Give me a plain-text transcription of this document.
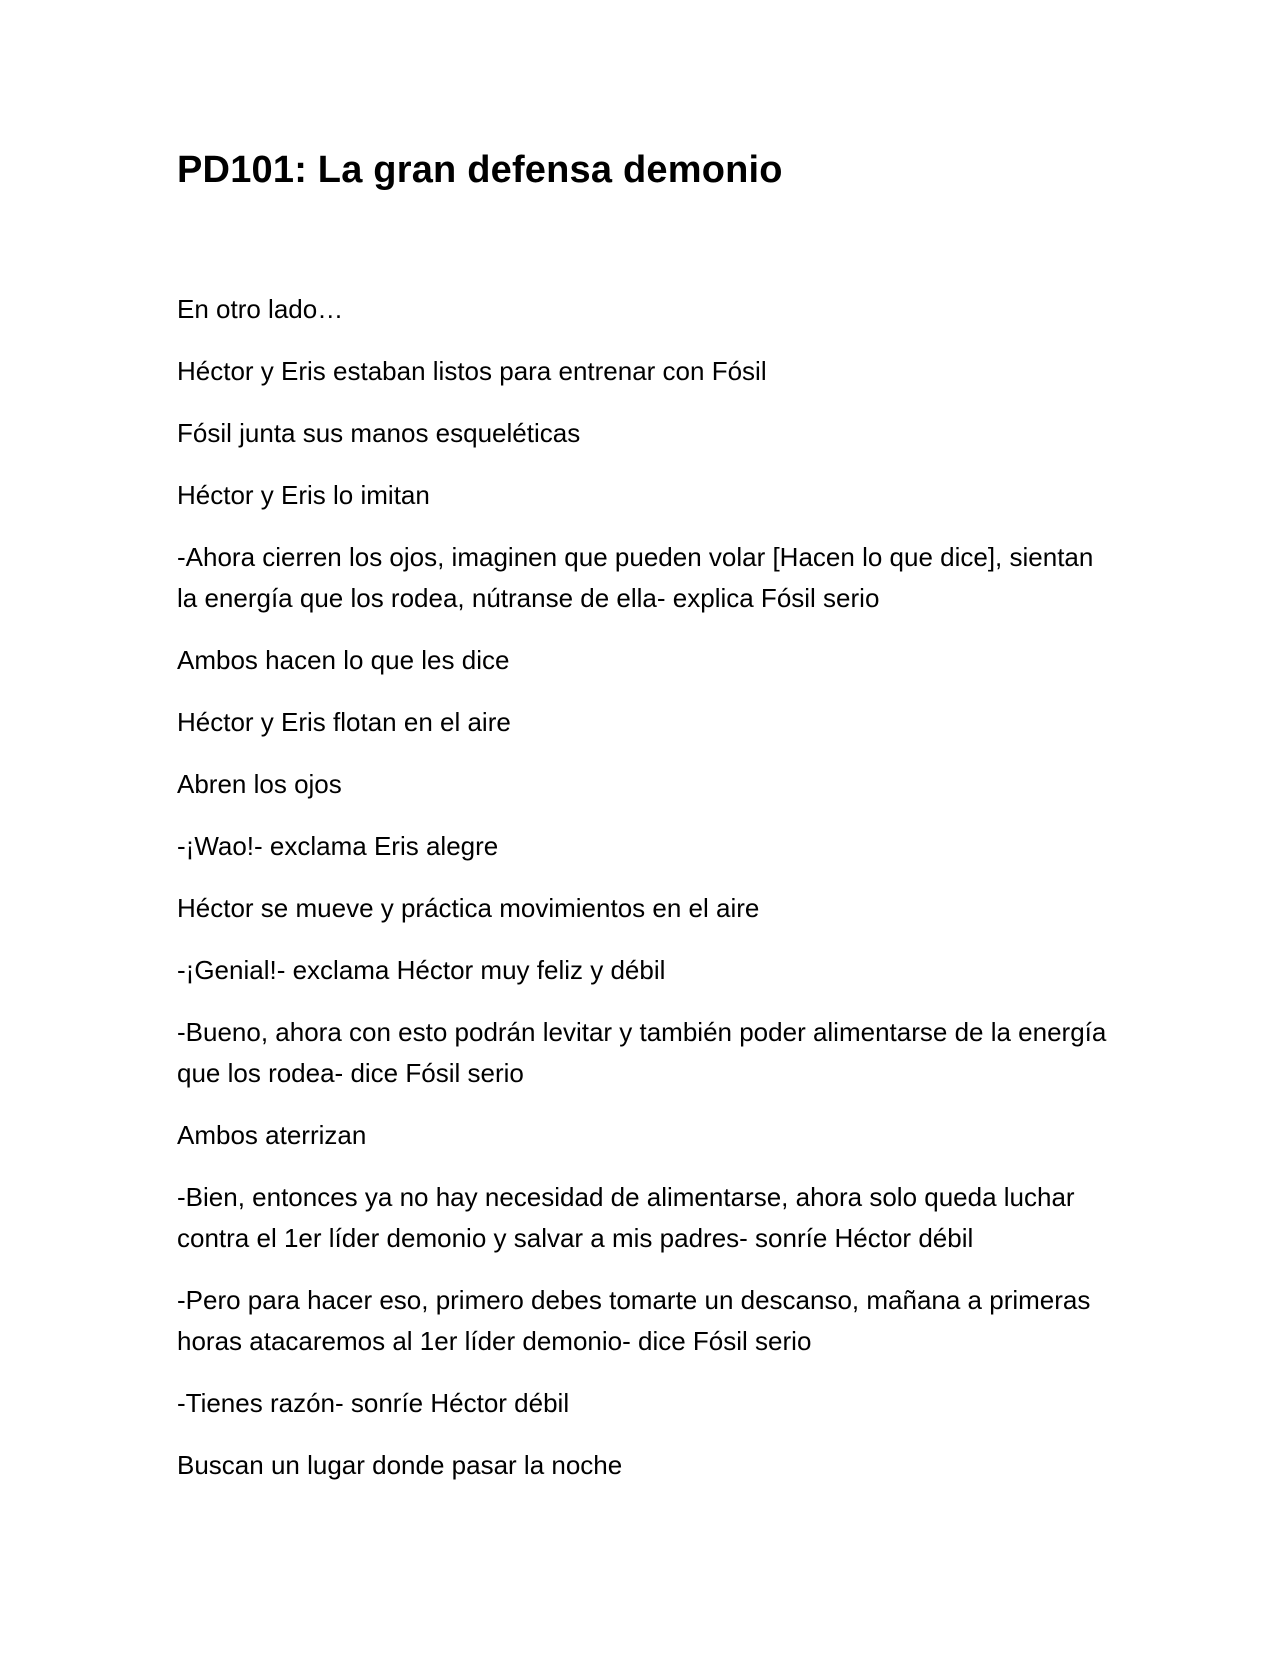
PD101: La gran defensa demonio

En otro lado…

Héctor y Eris estaban listos para entrenar con Fósil

Fósil junta sus manos esqueléticas

Héctor y Eris lo imitan

-Ahora cierren los ojos, imaginen que pueden volar [Hacen lo que dice], sientan la energía que los rodea, nútranse de ella- explica Fósil serio

Ambos hacen lo que les dice

Héctor y Eris flotan en el aire

Abren los ojos

-¡Wao!- exclama Eris alegre

Héctor se mueve y práctica movimientos en el aire

-¡Genial!- exclama Héctor muy feliz y débil

-Bueno, ahora con esto podrán levitar y también poder alimentarse de la energía que los rodea- dice Fósil serio

Ambos aterrizan

-Bien, entonces ya no hay necesidad de alimentarse, ahora solo queda luchar contra el 1er líder demonio y salvar a mis padres- sonríe Héctor débil

-Pero para hacer eso, primero debes tomarte un descanso, mañana a primeras horas atacaremos al 1er líder demonio- dice Fósil serio

-Tienes razón- sonríe Héctor débil

Buscan un lugar donde pasar la noche
